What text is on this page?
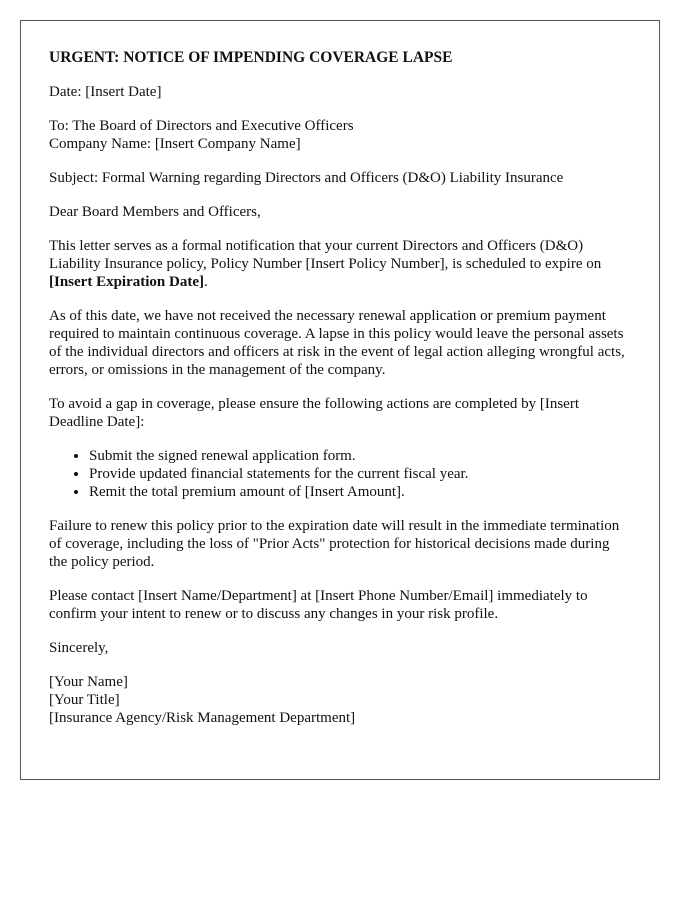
URGENT: NOTICE OF IMPENDING COVERAGE LAPSE

Date: [Insert Date]

To: The Board of Directors and Executive Officers
Company Name: [Insert Company Name]

Subject: Formal Warning regarding Directors and Officers (D&O) Liability Insurance

Dear Board Members and Officers,

This letter serves as a formal notification that your current Directors and Officers (D&O) Liability Insurance policy, Policy Number [Insert Policy Number], is scheduled to expire on [Insert Expiration Date].

As of this date, we have not received the necessary renewal application or premium payment required to maintain continuous coverage. A lapse in this policy would leave the personal assets of the individual directors and officers at risk in the event of legal action alleging wrongful acts, errors, or omissions in the management of the company.

To avoid a gap in coverage, please ensure the following actions are completed by [Insert Deadline Date]:

• Submit the signed renewal application form.
• Provide updated financial statements for the current fiscal year.
• Remit the total premium amount of [Insert Amount].

Failure to renew this policy prior to the expiration date will result in the immediate termination of coverage, including the loss of "Prior Acts" protection for historical decisions made during the policy period.

Please contact [Insert Name/Department] at [Insert Phone Number/Email] immediately to confirm your intent to renew or to discuss any changes in your risk profile.

Sincerely,

[Your Name]
[Your Title]
[Insurance Agency/Risk Management Department]
